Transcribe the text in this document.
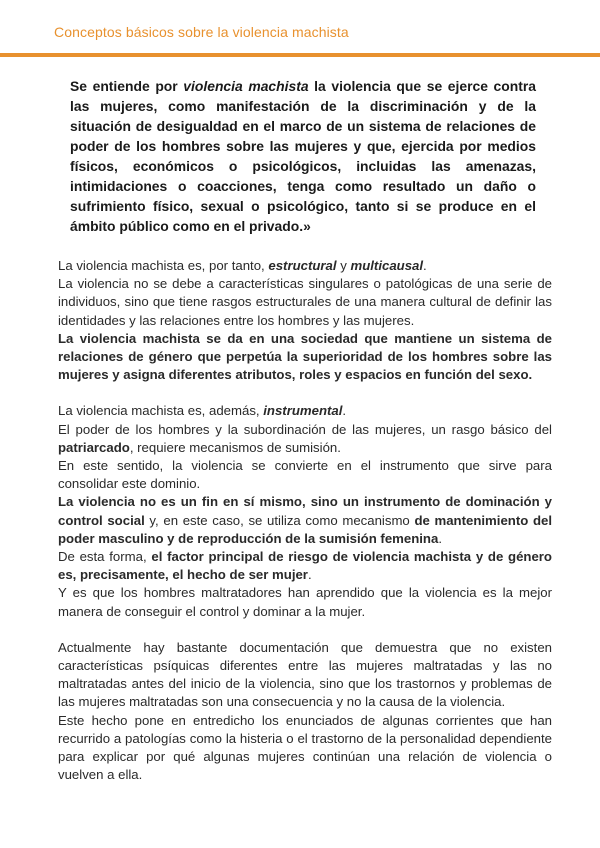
Conceptos básicos sobre la violencia machista
Se entiende por violencia machista la violencia que se ejerce contra las mujeres, como manifestación de la discriminación y de la situación de desigualdad en el marco de un sistema de relaciones de poder de los hombres sobre las mujeres y que, ejercida por medios físicos, económicos o psicológicos, incluidas las amenazas, intimidaciones o coacciones, tenga como resultado un daño o sufrimiento físico, sexual o psicológico, tanto si se produce en el ámbito público como en el privado.»

La violencia machista es, por tanto, estructural y multicausal.

La violencia no se debe a características singulares o patológicas de una serie de individuos, sino que tiene rasgos estructurales de una manera cultural de definir las identidades y las relaciones entre los hombres y las mujeres.

La violencia machista se da en una sociedad que mantiene un sistema de relaciones de género que perpetúa la superioridad de los hombres sobre las mujeres y asigna diferentes atributos, roles y espacios en función del sexo.

La violencia machista es, además, instrumental.

El poder de los hombres y la subordinación de las mujeres, un rasgo básico del patriarcado, requiere mecanismos de sumisión.

En este sentido, la violencia se convierte en el instrumento que sirve para consolidar este dominio.

La violencia no es un fin en sí mismo, sino un instrumento de dominación y control social y, en este caso, se utiliza como mecanismo de mantenimiento del poder masculino y de reproducción de la sumisión femenina.

De esta forma, el factor principal de riesgo de violencia machista y de género es, precisamente, el hecho de ser mujer.

Y es que los hombres maltratadores han aprendido que la violencia es la mejor manera de conseguir el control y dominar a la mujer.

Actualmente hay bastante documentación que demuestra que no existen características psíquicas diferentes entre las mujeres maltratadas y las no maltratadas antes del inicio de la violencia, sino que los trastornos y problemas de las mujeres maltratadas son una consecuencia y no la causa de la violencia.

Este hecho pone en entredicho los enunciados de algunas corrientes que han recurrido a patologías como la histeria o el trastorno de la personalidad dependiente para explicar por qué algunas mujeres continúan una relación de violencia o vuelven a ella.
